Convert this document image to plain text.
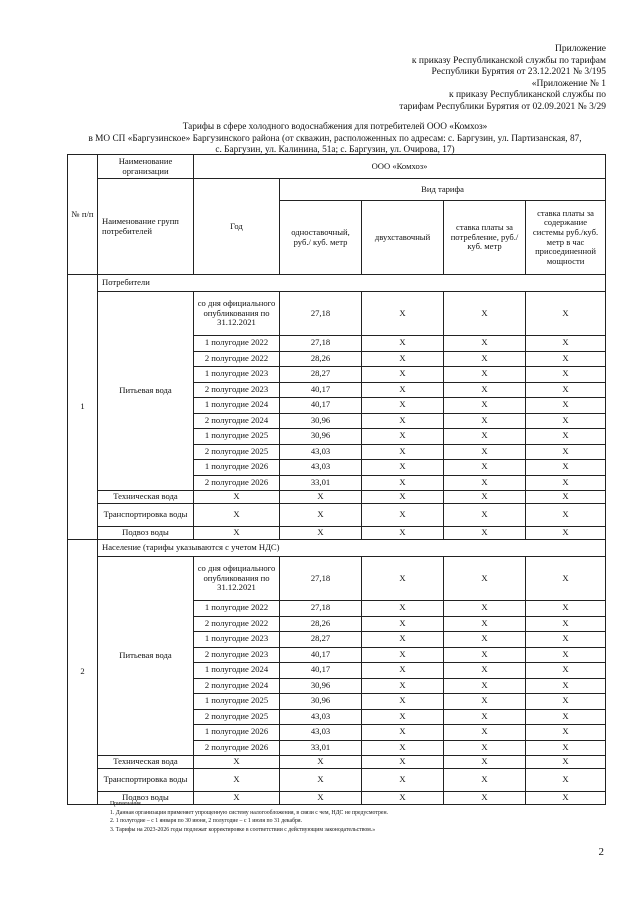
Приложение
к приказу Республиканской службы по тарифам
Республики Бурятия от 23.12.2021 № 3/195
«Приложение № 1
к приказу Республиканской службы по
тарифам Республики Бурятия от 02.09.2021 № 3/29
Тарифы в сфере холодного водоснабжения для потребителей ООО «Комхоз»
в МО СП «Баргузинское» Баргузинского района (от скважин, расположенных по адресам: с. Баргузин, ул. Партизанская, 87,
с. Баргузин, ул. Калинина, 51а; с. Баргузин, ул. Очирова, 17)
№ п/п	Наименование организации	ООО «Комхоз»				
	Наименование групп потребителей	Год	Вид тарифа			
			одноставочный, руб./ куб. метр	двухставочный	ставка платы за потребление, руб./ куб. метр	ставка платы за содержание системы руб./куб. метр в час присоединенной мощности
1	Потребители					
	Питьевая вода	со дня официального опубликования по 31.12.2021	27,18	Х	Х	Х
		1 полугодие 2022	27,18	Х	Х	Х
		2 полугодие 2022	28,26	Х	Х	Х
		1 полугодие 2023	28,27	Х	Х	Х
		2 полугодие 2023	40,17	Х	Х	Х
		1 полугодие 2024	40,17	Х	Х	Х
		2 полугодие 2024	30,96	Х	Х	Х
		1 полугодие 2025	30,96	Х	Х	Х
		2 полугодие 2025	43,03	Х	Х	Х
		1 полугодие 2026	43,03	Х	Х	Х
		2 полугодие 2026	33,01	Х	Х	Х
	Техническая вода	Х	Х	Х	Х	Х
	Транспортировка воды	Х	Х	Х	Х	Х
	Подвоз воды	Х	Х	Х	Х	Х
2	Население (тарифы указываются с учетом НДС)					
	Питьевая вода	со дня официального опубликования по 31.12.2021	27,18	Х	Х	Х
		1 полугодие 2022	27,18	Х	Х	Х
		2 полугодие 2022	28,26	Х	Х	Х
		1 полугодие 2023	28,27	Х	Х	Х
		2 полугодие 2023	40,17	Х	Х	Х
		1 полугодие 2024	40,17	Х	Х	Х
		2 полугодие 2024	30,96	Х	Х	Х
		1 полугодие 2025	30,96	Х	Х	Х
		2 полугодие 2025	43,03	Х	Х	Х
		1 полугодие 2026	43,03	Х	Х	Х
		2 полугодие 2026	33,01	Х	Х	Х
	Техническая вода	Х	Х	Х	Х	Х
	Транспортировка воды	Х	Х	Х	Х	Х
	Подвоз воды	Х	Х	Х	Х	Х
Примечания
1. Данная организация применяет упрощенную систему налогообложения, в связи с чем, НДС не предусмотрен.
2. 1 полугодие – с 1 января по 30 июня, 2 полугодие – с 1 июля по 31 декабря.
3. Тарифы на 2023-2026 годы подлежат корректировке в соответствии с действующим законодательством.»
2
